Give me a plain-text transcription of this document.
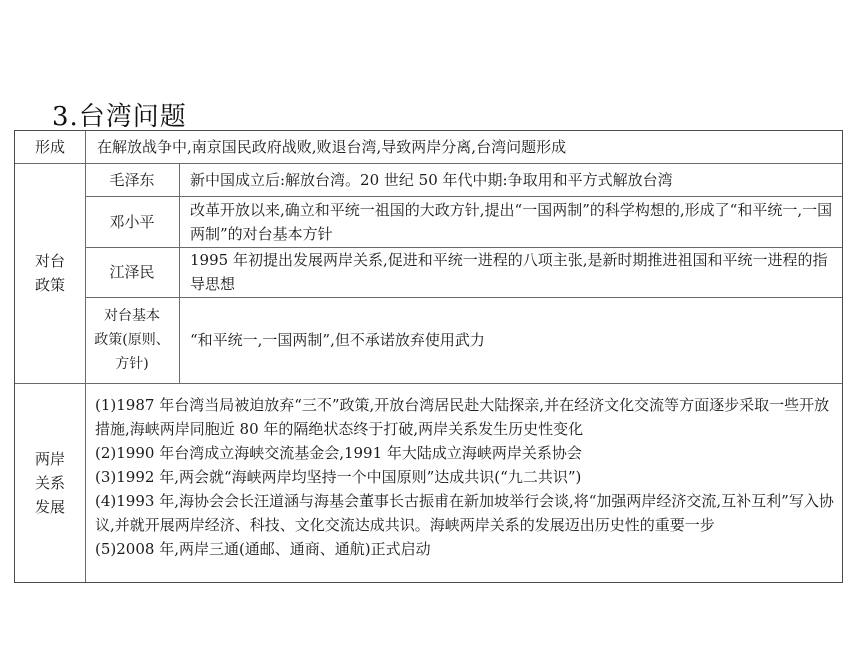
3.台湾问题
形成	在解放战争中,南京国民政府战败,败退台湾,导致两岸分离,台湾问题形成
对台
政策
毛泽东	新中国成立后:解放台湾。20 世纪 50 年代中期:争取用和平方式解放台湾
邓小平
改革开放以来,确立和平统一祖国的大政方针,提出“一国两制”的科学构想的,形成了“和平统一,一国两制”的对台基本方针
江泽民
1995 年初提出发展两岸关系,促进和平统一进程的八项主张,是新时期推进祖国和平统一进程的指导思想
对台基本
政策(原则、
方针)
“和平统一,一国两制”,但不承诺放弃使用武力
两岸
关系
发展
(1)1987 年台湾当局被迫放弃“三不”政策,开放台湾居民赴大陆探亲,并在经济文化交流等方面逐步采取一些开放措施,海峡两岸同胞近 80 年的隔绝状态终于打破,两岸关系发生历史性变化
(2)1990 年台湾成立海峡交流基金会,1991 年大陆成立海峡两岸关系协会
(3)1992 年,两会就“海峡两岸均坚持一个中国原则”达成共识(“九二共识”)
(4)1993 年,海协会会长汪道涵与海基会董事长古振甫在新加坡举行会谈,将“加强两岸经济交流,互补互利”写入协议,并就开展两岸经济、科技、文化交流达成共识。海峡两岸关系的发展迈出历史性的重要一步
(5)2008 年,两岸三通(通邮、通商、通航)正式启动
